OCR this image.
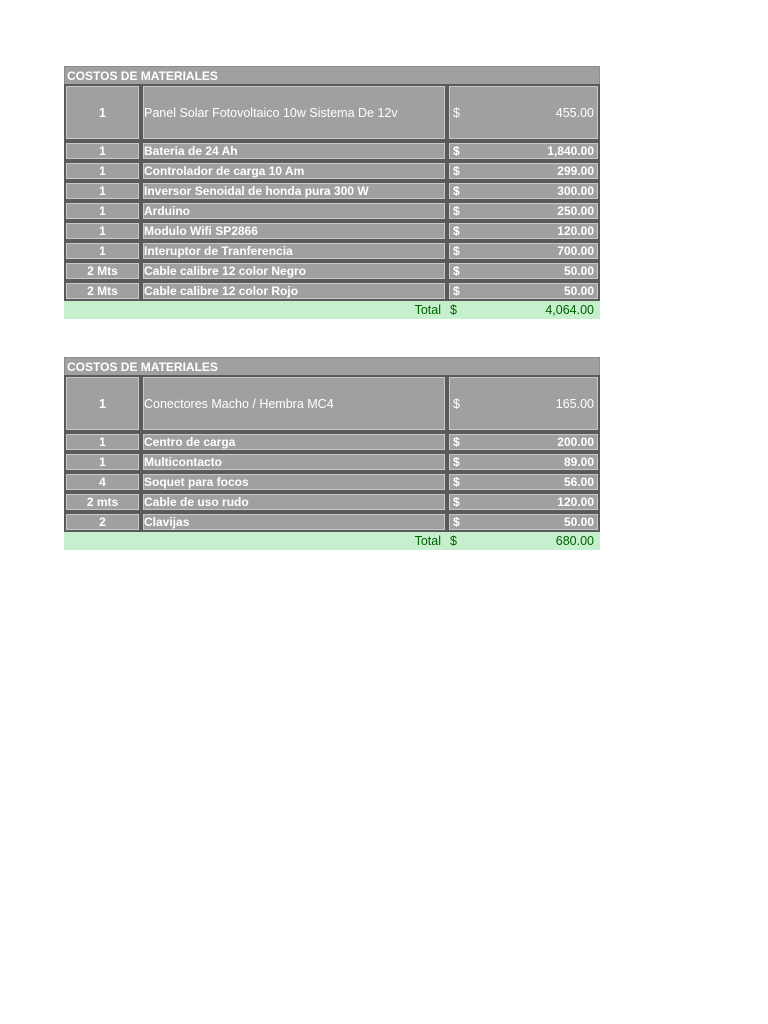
COSTOS DE MATERIALES
1	Panel Solar Fotovoltaico 10w Sistema De 12v	$	455.00
1	Bateria de 24 Ah	$	1,840.00
1	Controlador de carga 10 Am	$	299.00
1	Inversor Senoidal de honda pura 300 W	$	300.00
1	Arduino	$	250.00
1	Modulo Wifi SP2866	$	120.00
1	Interuptor de Tranferencia	$	700.00
2 Mts	Cable calibre 12 color Negro	$	50.00
2 Mts	Cable calibre 12 color Rojo	$	50.00
Total $	4,064.00
COSTOS DE MATERIALES
1	Conectores Macho / Hembra MC4	$	165.00
1	Centro de carga	$	200.00
1	Multicontacto	$	89.00
4	Soquet para focos	$	56.00
2 mts	Cable de uso rudo	$	120.00
2	Clavijas	$	50.00
Total $	680.00
